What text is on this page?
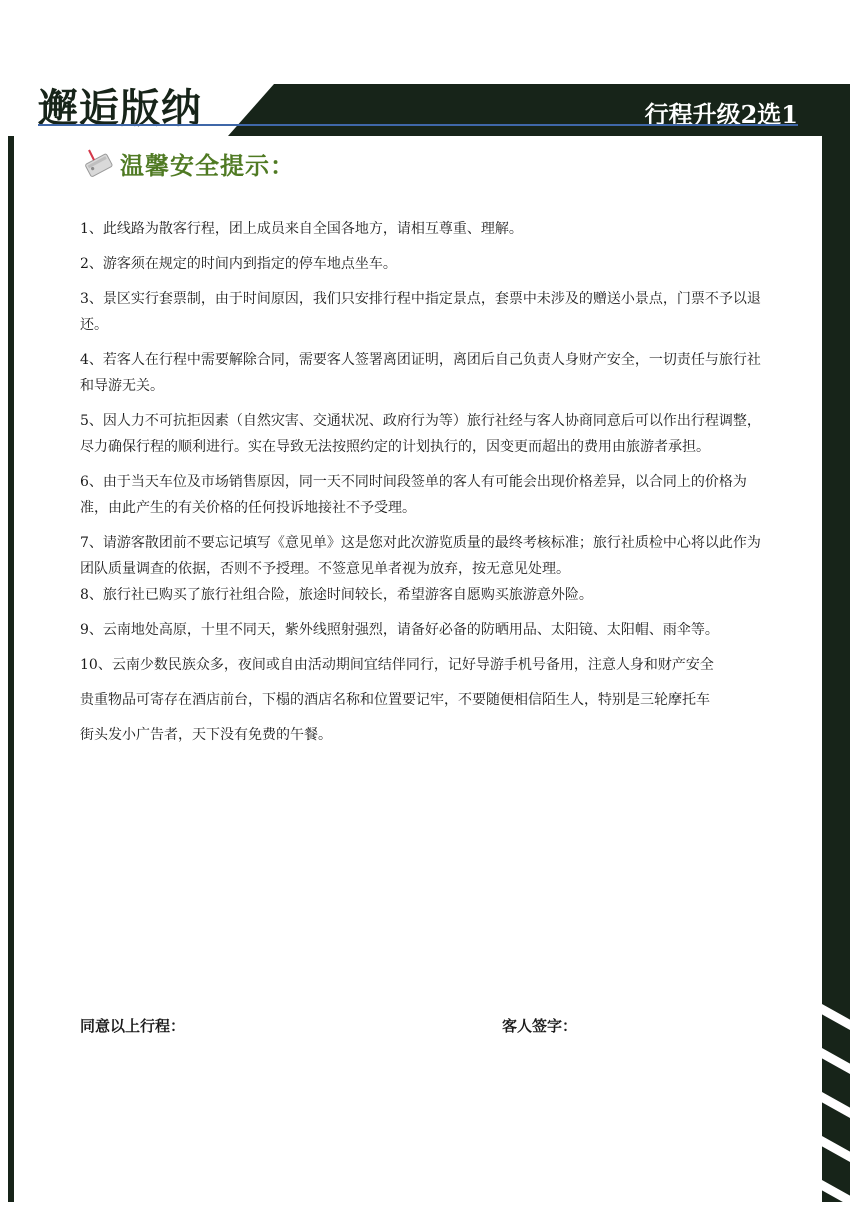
邂逅版纳	行程升级2选1
温馨安全提示：

1、此线路为散客行程，团上成员来自全国各地方，请相互尊重、理解。

2、游客须在规定的时间内到指定的停车地点坐车。

3、景区实行套票制，由于时间原因，我们只安排行程中指定景点，套票中未涉及的赠送小景点，门票不予以退还。

4、若客人在行程中需要解除合同，需要客人签署离团证明，离团后自己负责人身财产安全，一切责任与旅行社和导游无关。

5、因人力不可抗拒因素（自然灾害、交通状况、政府行为等）旅行社经与客人协商同意后可以作出行程调整，尽力确保行程的顺利进行。实在导致无法按照约定的计划执行的，因变更而超出的费用由旅游者承担。

6、由于当天车位及市场销售原因，同一天不同时间段签单的客人有可能会出现价格差异，以合同上的价格为准，由此产生的有关价格的任何投诉地接社不予受理。

7、请游客散团前不要忘记填写《意见单》这是您对此次游览质量的最终考核标准；旅行社质检中心将以此作为团队质量调查的依据，否则不予授理。不签意见单者视为放弃，按无意见处理。

8、旅行社已购买了旅行社组合险，旅途时间较长，希望游客自愿购买旅游意外险。

9、云南地处高原，十里不同天，紫外线照射强烈，请备好必备的防晒用品、太阳镜、太阳帽、雨伞等。

10、云南少数民族众多，夜间或自由活动期间宜结伴同行，记好导游手机号备用，注意人身和财产安全

贵重物品可寄存在酒店前台，下榻的酒店名称和位置要记牢，不要随便相信陌生人，特别是三轮摩托车

街头发小广告者，天下没有免费的午餐。

同意以上行程：	客人签字：
